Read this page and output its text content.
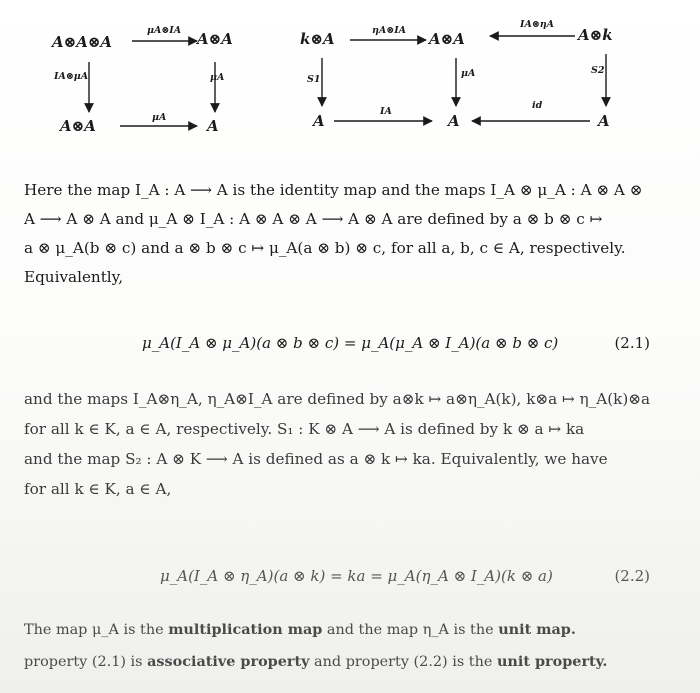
A⊗A⊗A	A⊗A
A⊗A	A
μA⊗IA
IA⊗μA	μA
μA
k⊗A	A⊗A	A⊗k
A	A	A
ηA⊗IA
IA⊗ηA
S1
μA	S2
IA
id
Here the map I_A : A ⟶ A is the identity map and the maps I_A ⊗ μ_A : A ⊗ A ⊗
A ⟶ A ⊗ A and μ_A ⊗ I_A : A ⊗ A ⊗ A ⟶ A ⊗ A are defined by a ⊗ b ⊗ c ↦
a ⊗ μ_A(b ⊗ c) and a ⊗ b ⊗ c ↦ μ_A(a ⊗ b) ⊗ c, for all a, b, c ∈ A, respectively.
Equivalently,
μ_A(I_A ⊗ μ_A)(a ⊗ b ⊗ c) = μ_A(μ_A ⊗ I_A)(a ⊗ b ⊗ c)	(2.1)
and the maps I_A⊗η_A, η_A⊗I_A are defined by a⊗k ↦ a⊗η_A(k), k⊗a ↦ η_A(k)⊗a
for all k ∈ K, a ∈ A, respectively. S₁ : K ⊗ A ⟶ A is defined by k ⊗ a ↦ ka
and the map S₂ : A ⊗ K ⟶ A is defined as a ⊗ k ↦ ka. Equivalently, we have
for all k ∈ K, a ∈ A,
μ_A(I_A ⊗ η_A)(a ⊗ k) = ka = μ_A(η_A ⊗ I_A)(k ⊗ a)	(2.2)
The map μ_A is the multiplication map and the map η_A is the unit map.
property (2.1) is associative property and property (2.2) is the unit property.
